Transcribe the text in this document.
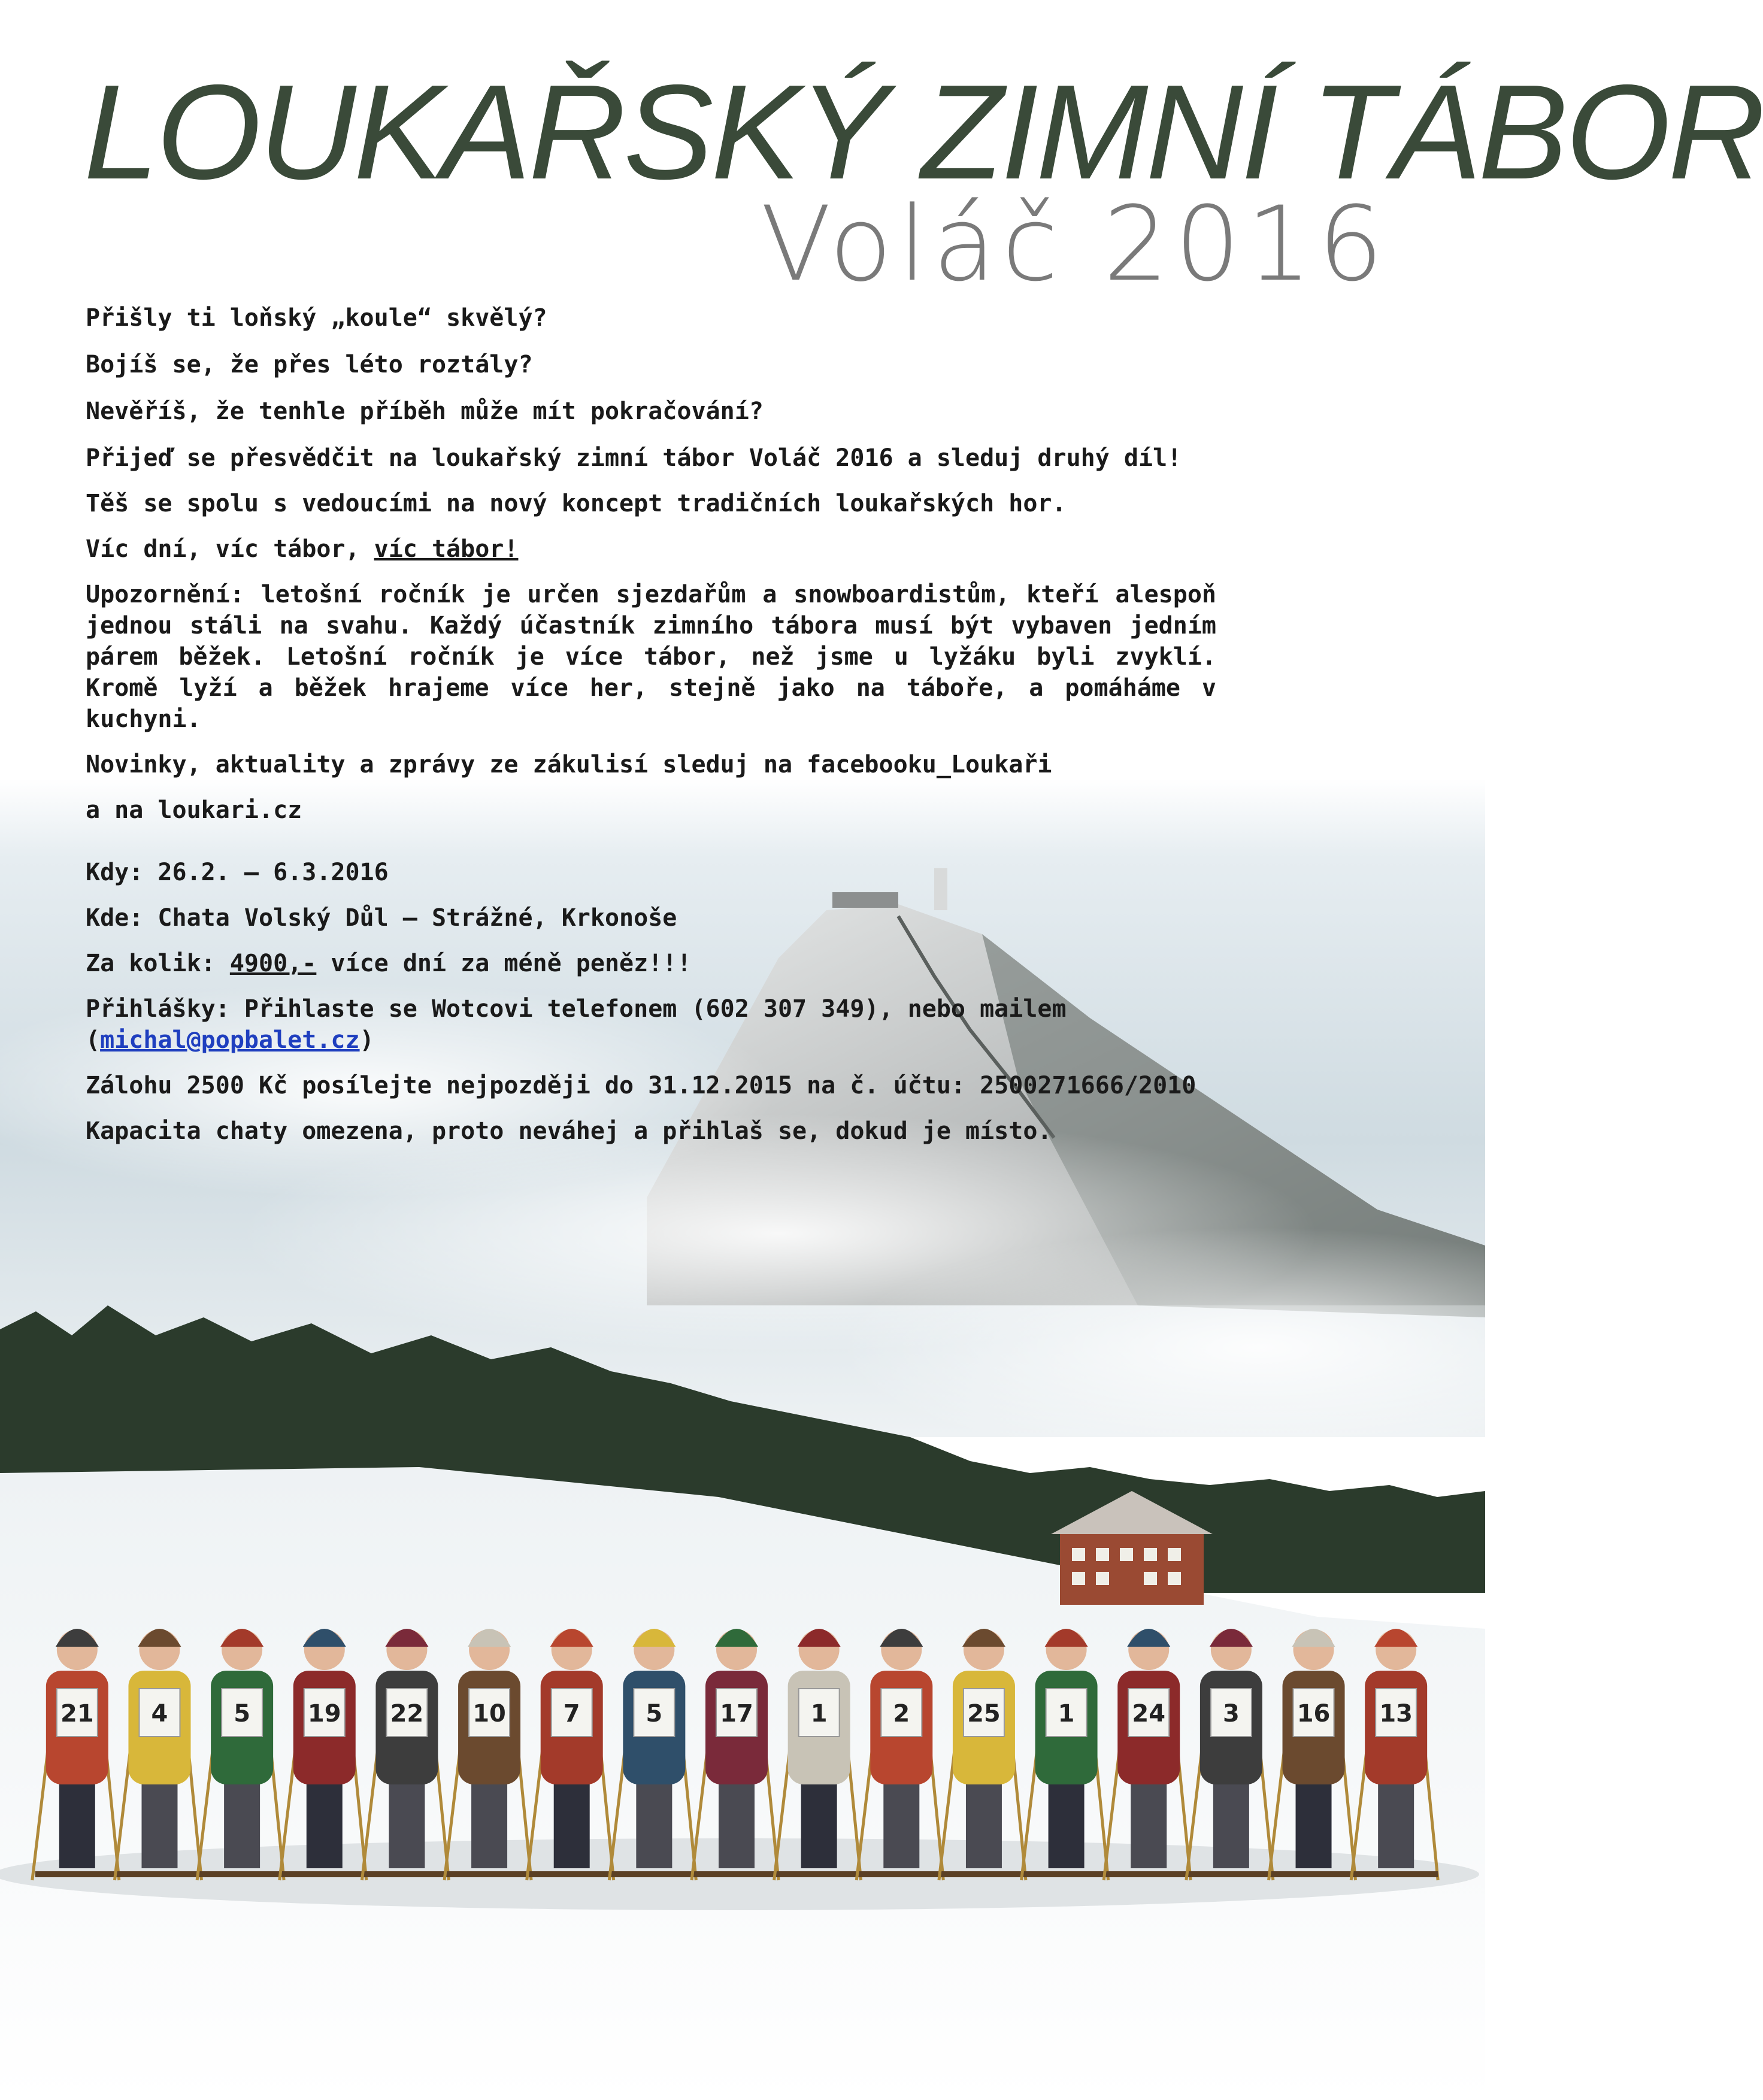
LOUKAŘSKÝ ZIMNÍ TÁBOR
Voláč 2016
21 4	5 19 22 10 7	5 17 1	2 25 1 24 3 16 13

Přišly ti loňský „koule“ skvělý?

Bojíš se, že přes léto roztály?

Nevěříš, že tenhle příběh může mít pokračování?

Přijeď se přesvědčit na loukařský zimní tábor Voláč 2016 a sleduj druhý díl!

Těš se spolu s vedoucími na nový koncept tradičních loukařských hor.

Víc dní, víc tábor, víc tábor!

Upozornění: letošní ročník je určen sjezdařům a snowboardistům, kteří alespoň jednou stáli na svahu. Každý účastník zimního tábora musí být vybaven jedním párem běžek. Letošní ročník je více tábor, než jsme u lyžáku byli zvyklí. Kromě lyží a běžek hrajeme více her, stejně jako na táboře, a pomáháme v kuchyni.

Novinky, aktuality a zprávy ze zákulisí sleduj na facebooku_Loukaři

a na loukari.cz

Kdy: 26.2. – 6.3.2016

Kde: Chata Volský Důl – Strážné, Krkonoše

Za kolik: 4900,- více dní za méně peněz!!!

Přihlášky: Přihlaste se Wotcovi telefonem (602 307 349), nebo mailem
(michal@popbalet.cz)

Zálohu 2500 Kč posílejte nejpozději do 31.12.2015 na č. účtu: 2500271666/2010

Kapacita chaty omezena, proto neváhej a přihlaš se, dokud je místo.
